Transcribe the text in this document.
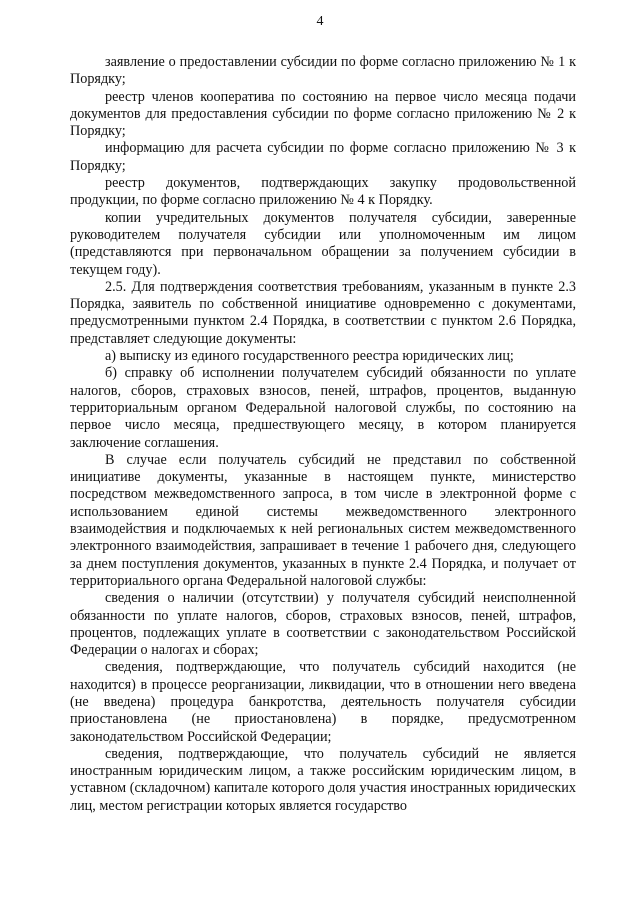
4

заявление о предоставлении субсидии по форме согласно приложению № 1 к Порядку;

реестр членов кооператива по состоянию на первое число месяца подачи документов для предоставления субсидии по форме согласно приложению № 2 к Порядку;

информацию для расчета субсидии по форме согласно приложению № 3 к Порядку;

реестр документов, подтверждающих закупку продовольственной продукции, по форме согласно приложению № 4 к Порядку.

копии учредительных документов получателя субсидии, заверенные руководителем получателя субсидии или уполномоченным им лицом (представляются при первоначальном обращении за получением субсидии в текущем году).

2.5. Для подтверждения соответствия требованиям, указанным в пункте 2.3 Порядка, заявитель по собственной инициативе одновременно с документами, предусмотренными пунктом 2.4 Порядка, в соответствии с пунктом 2.6 Порядка, представляет следующие документы:

а) выписку из единого государственного реестра юридических лиц;

б) справку об исполнении получателем субсидий обязанности по уплате налогов, сборов, страховых взносов, пеней, штрафов, процентов, выданную территориальным органом Федеральной налоговой службы, по состоянию на первое число месяца, предшествующего месяцу, в котором планируется заключение соглашения.

В случае если получатель субсидий не представил по собственной инициативе документы, указанные в настоящем пункте, министерство посредством межведомственного запроса, в том числе в электронной форме с использованием единой системы межведомственного электронного взаимодействия и подключаемых к ней региональных систем межведомственного электронного взаимодействия, запрашивает в течение 1 рабочего дня, следующего за днем поступления документов, указанных в пункте 2.4 Порядка, и получает от территориального органа Федеральной налоговой службы:

сведения о наличии (отсутствии) у получателя субсидий неисполненной обязанности по уплате налогов, сборов, страховых взносов, пеней, штрафов, процентов, подлежащих уплате в соответствии с законодательством Российской Федерации о налогах и сборах;

сведения, подтверждающие, что получатель субсидий находится (не находится) в процессе реорганизации, ликвидации, что в отношении него введена (не введена) процедура банкротства, деятельность получателя субсидии приостановлена (не приостановлена) в порядке, предусмотренном законодательством Российской Федерации;

сведения, подтверждающие, что получатель субсидий не является иностранным юридическим лицом, а также российским юридическим лицом, в уставном (складочном) капитале которого доля участия иностранных юридических лиц, местом регистрации которых является государство
